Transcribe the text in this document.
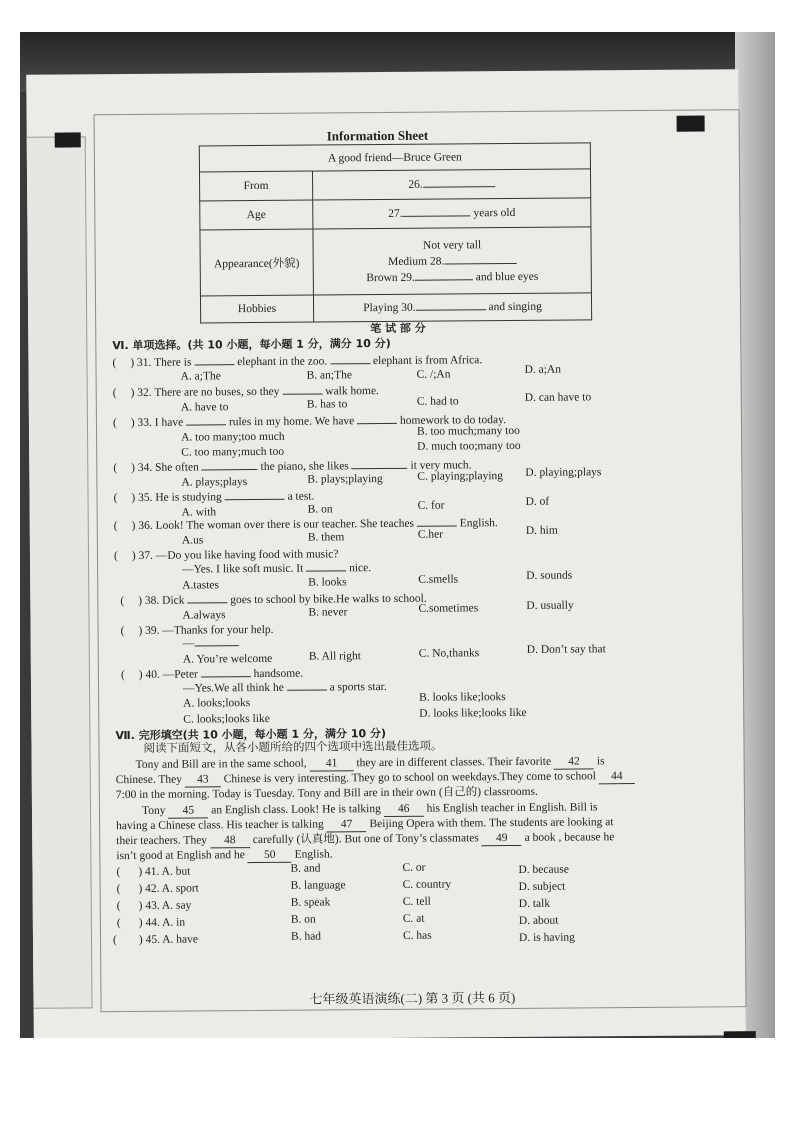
Information Sheet
A good friend—Bruce Green	
From	26.
Age	27. years old
Appearance(外貌)	Not very tall
Medium 28.
Brown 29. and blue eyes

Hobbies	Playing 30. and singing
笔 试 部 分
Ⅵ. 单项选择。(共 10 小题，每小题 1 分，满分 10 分)
( ) 31. There is	elephant in the zoo.	elephant is from Africa.
A. a;The	B. an;The	C. /;An	D. a;An
( ) 32. There are no buses, so they	walk home.
A. have to	B. has to	C. had to	D. can have to
( ) 33. I have	rules in my home. We have	homework to do today.
A. too many;too much	B. too much;many too
C. too many;much too	D. much too;many too
( ) 34. She often	the piano, she likes	it very much.
A. plays;plays	B. plays;playing	C. playing;playing D. playing;plays
( ) 35. He is studying	a test.
A. with	B. on	C. for	D. of
( ) 36. Look! The woman over there is our teacher. She teaches	English.
A.us	B. them	C.her	D. him
( ) 37. —Do you like having food with music?
—Yes. I like soft music. It	nice.
A.tastes	B. looks	C.smells	D. sounds
( ) 38. Dick	goes to school by bike.He walks to school.
A.always	B. never	C.sometimes	D. usually
( ) 39. —Thanks for your help.
—
A. You’re welcome	B. All right	C. No,thanks	D. Don’t say that
( ) 40. —Peter	handsome.
—Yes.We all think he	a sports star.
A. looks;looks	B. looks like;looks
C. looks;looks like	D. looks like;looks like
Ⅶ. 完形填空(共 10 小题，每小题 1 分，满分 10 分)
阅读下面短文，从各小题所给的四个选项中选出最佳选项。
Tony and Bill are in the same school, 41 they are in different classes. Their favorite 42 is
Chinese. They 43 Chinese is very interesting. They go to school on weekdays.They come to school 44
7:00 in the morning. Today is Tuesday. Tony and Bill are in their own (自己的) classrooms.
Tony 45 an English class. Look! He is talking 46 his English teacher in English. Bill is
having a Chinese class. His teacher is talking 47 Beijing Opera with them. The students are looking at
their teachers. They 48 carefully (认真地). But one of Tony’s classmates 49 a book , because he
isn’t good at English and he 50 English.
( ) 41. A. but	B. and	C. or	D. because
( ) 42. A. sport	B. language	C. country	D. subject
( ) 43. A. say	B. speak	C. tell	D. talk
( ) 44. A. in	B. on	C. at	D. about
( ) 45. A. have	B. had	C. has	D. is having
七年级英语演练(二) 第 3 页 (共 6 页)
